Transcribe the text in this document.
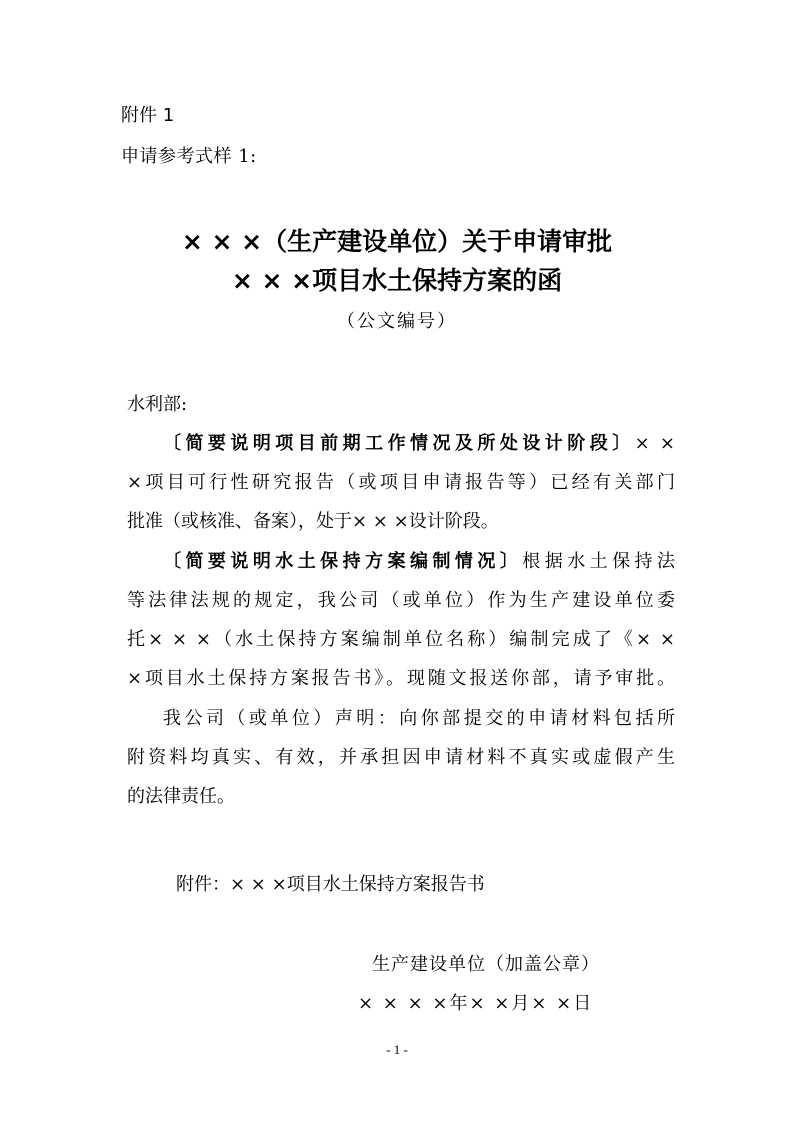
附件 1
申请参考式样 1:
× × ×（生产建设单位）关于申请审批
× × ×项目水土保持方案的函
（公文编号）
水利部:
〔简要说明项目前期工作情况及所处设计阶段〕× ×
×项目可行性研究报告（或项目申请报告等）已经有关部门
批准（或核准、备案），处于× × ×设计阶段。
〔简要说明水土保持方案编制情况〕根据水土保持法
等法律法规的规定，我公司（或单位）作为生产建设单位委
托× × ×（水土保持方案编制单位名称）编制完成了《× ×
×项目水土保持方案报告书》。现随文报送你部，请予审批。
我公司（或单位）声明：向你部提交的申请材料包括所
附资料均真实、有效，并承担因申请材料不真实或虚假产生
的法律责任。
附件：× × ×项目水土保持方案报告书
生产建设单位（加盖公章）
× × × ×年× ×月× ×日
- 1 -
